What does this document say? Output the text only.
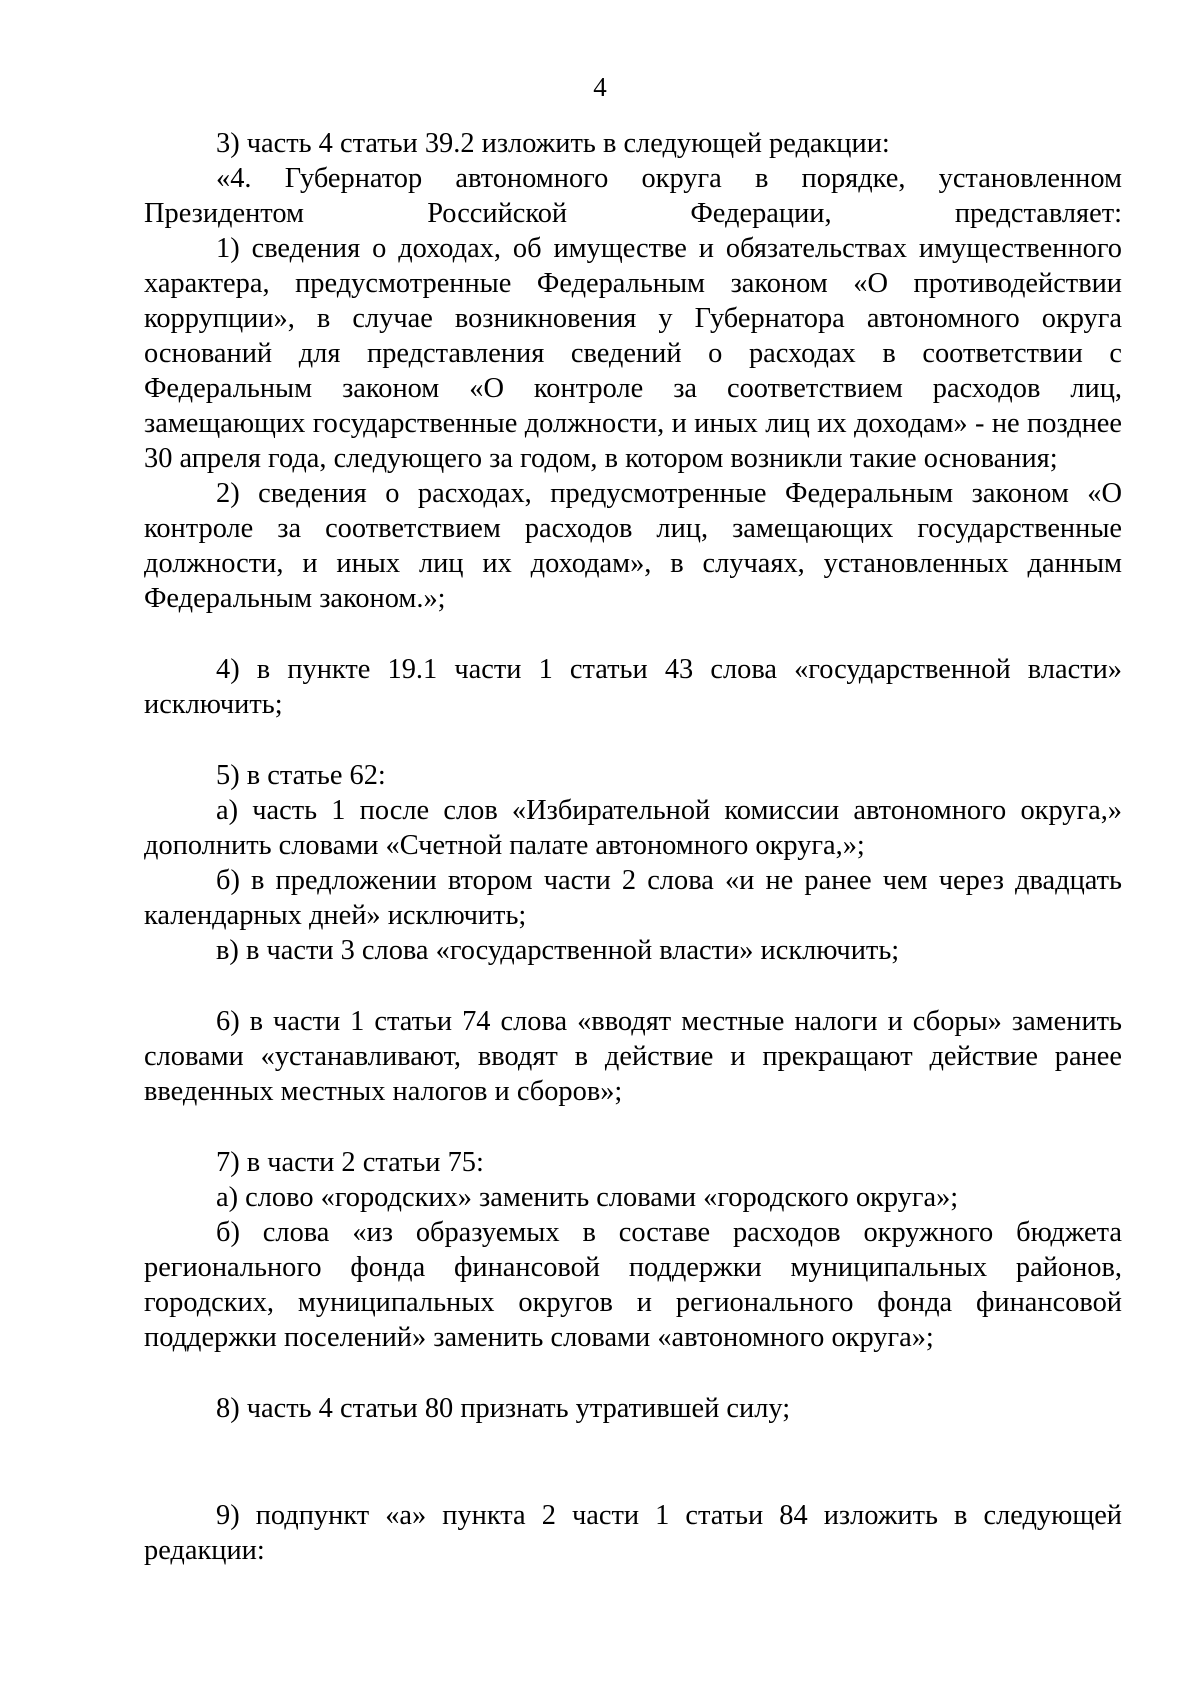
4

3) часть 4 статьи 39.2 изложить в следующей редакции:

«4. Губернатор автономного округа в порядке, установленном Президентом Российской Федерации, представляет:

1) сведения о доходах, об имуществе и обязательствах имущественного характера, предусмотренные Федеральным законом «О противодействии коррупции», в случае возникновения у Губернатора автономного округа оснований для представления сведений о расходах в соответствии с Федеральным законом «О контроле за соответствием расходов лиц, замещающих государственные должности, и иных лиц их доходам» - не позднее 30 апреля года, следующего за годом, в котором возникли такие основания;

2) сведения о расходах, предусмотренные Федеральным законом «О контроле за соответствием расходов лиц, замещающих государственные должности, и иных лиц их доходам», в случаях, установленных данным Федеральным законом.»;

4) в пункте 19.1 части 1 статьи 43 слова «государственной власти» исключить;

5) в статье 62:

а) часть 1 после слов «Избирательной комиссии автономного округа,» дополнить словами «Счетной палате автономного округа,»;

б) в предложении втором части 2 слова «и не ранее чем через двадцать календарных дней» исключить;

в) в части 3 слова «государственной власти» исключить;

6) в части 1 статьи 74 слова «вводят местные налоги и сборы» заменить словами «устанавливают, вводят в действие и прекращают действие ранее введенных местных налогов и сборов»;

7) в части 2 статьи 75:

а) слово «городских» заменить словами «городского округа»;

б) слова «из образуемых в составе расходов окружного бюджета регионального фонда финансовой поддержки муниципальных районов, городских, муниципальных округов и регионального фонда финансовой поддержки поселений» заменить словами «автономного округа»;

8) часть 4 статьи 80 признать утратившей силу;

9) подпункт «а» пункта 2 части 1 статьи 84 изложить в следующей редакции:
